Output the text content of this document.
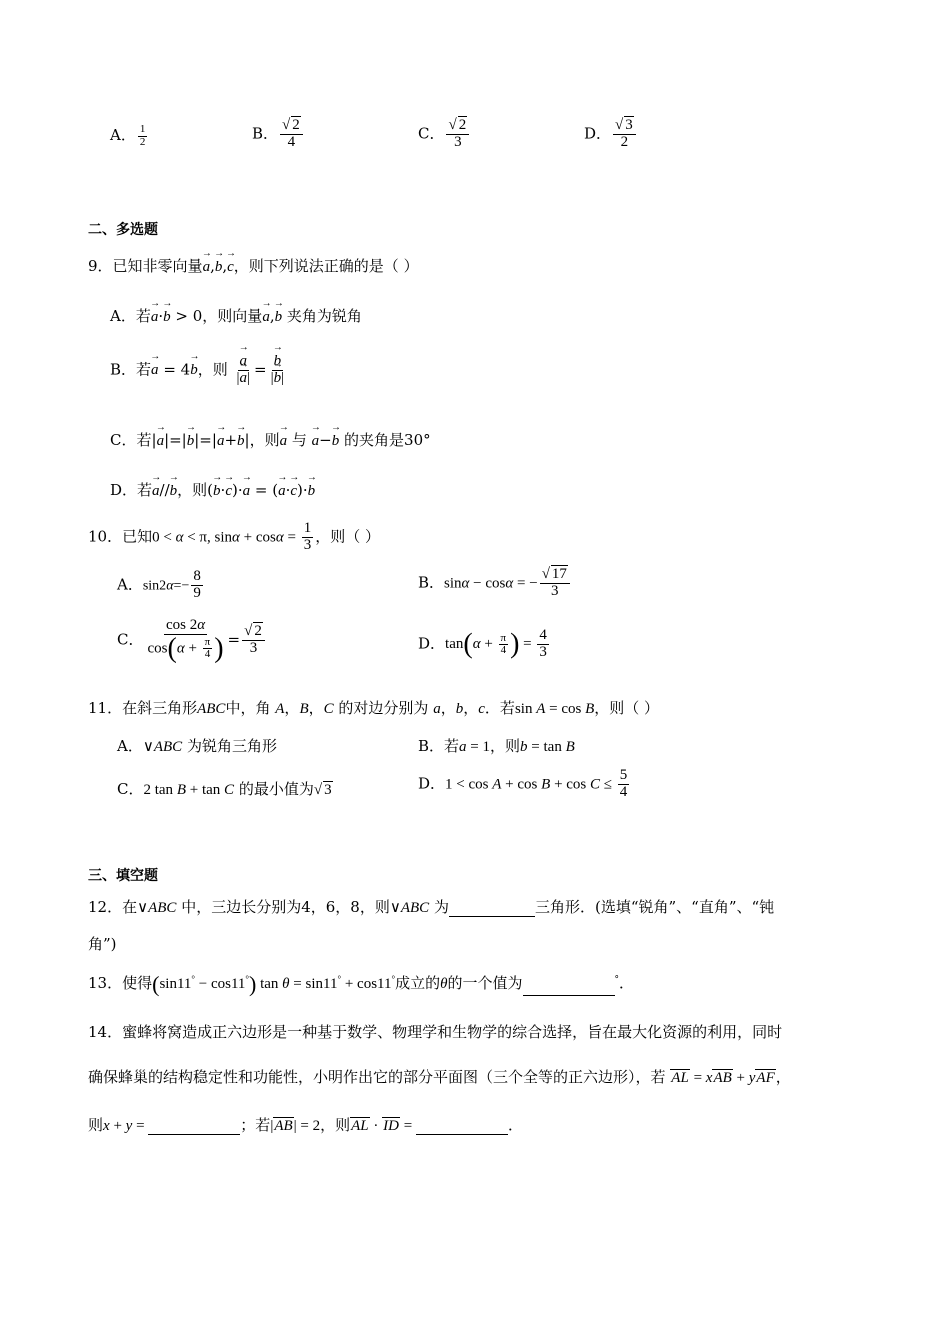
A． $\frac{1}{2}$	B． $\frac{√ 2}{4}$	C． $\frac{√ 2}{3}$	D． $\frac{√ 3}{2}$
二、多选题
9．已知非零向量→ a,→ b,→ c，则下列说法正确的是（ ）
A．若→ a·→ b > 0，则向量→ a,→ b 夹角为锐角
B．若→ a = 4→ b，则 → $\frac{a}{|\to a|}$ = → $\frac{b}{|\to b|}$
C．若|→ a|=|→ b|=|→ a+→ b|，则→ a 与 → a−→ b 的夹角是30°
D．若→ a//→ b，则(→ b·→ c)·→ a = (→ a·→ c)·→ b
10．已知0 < α < π, $\sin\alpha + \cos\alpha = \frac{1}{3}$ ，则（ ）
A．$\sin 2\alpha=- \frac{8}{9}$	B．sinα − cosα = − $\frac{√ 17}{3}$
C． $\frac{\cos 2\alpha}{\cos(\alpha + \frac{\pi}{4} )} = \frac{√ 2}{3}$	D．$\tan(\alpha + \frac{\pi}{4}$ ) = $\frac{4}{3}$
11．在斜三角形ABC中，角 A，B，C 的对边分别为 a，b，c．若sin A = cos B，则（ ）
A．∨ABC 为锐角三角形	B．若a = 1，则b = tan B
C．2 tan B + tan C 的最小值为√ 3	D．$1 < \cos A + \cos B + \cos C \le \frac{5}{4}$
三、填空题
12．在∨ABC 中，三边长分别为4，6，8，则∨ABC 为	三角形．(选填“锐角”、“直角”、“钝
角”)
13．使得(sin11° − cos11°) tan θ = sin11° + cos11°成立的θ的一个值为	°．
14．蜜蜂将窝造成正六边形是一种基于数学、物理学和生物学的综合选择，旨在最大化资源的利用，同时
确保蜂巢的结构稳定性和功能性，小明作出它的部分平面图（三个全等的正六边形），若 AL = xAB + yAF，
则x + y =	；若|AB| = 2，则AL · ID =	．
